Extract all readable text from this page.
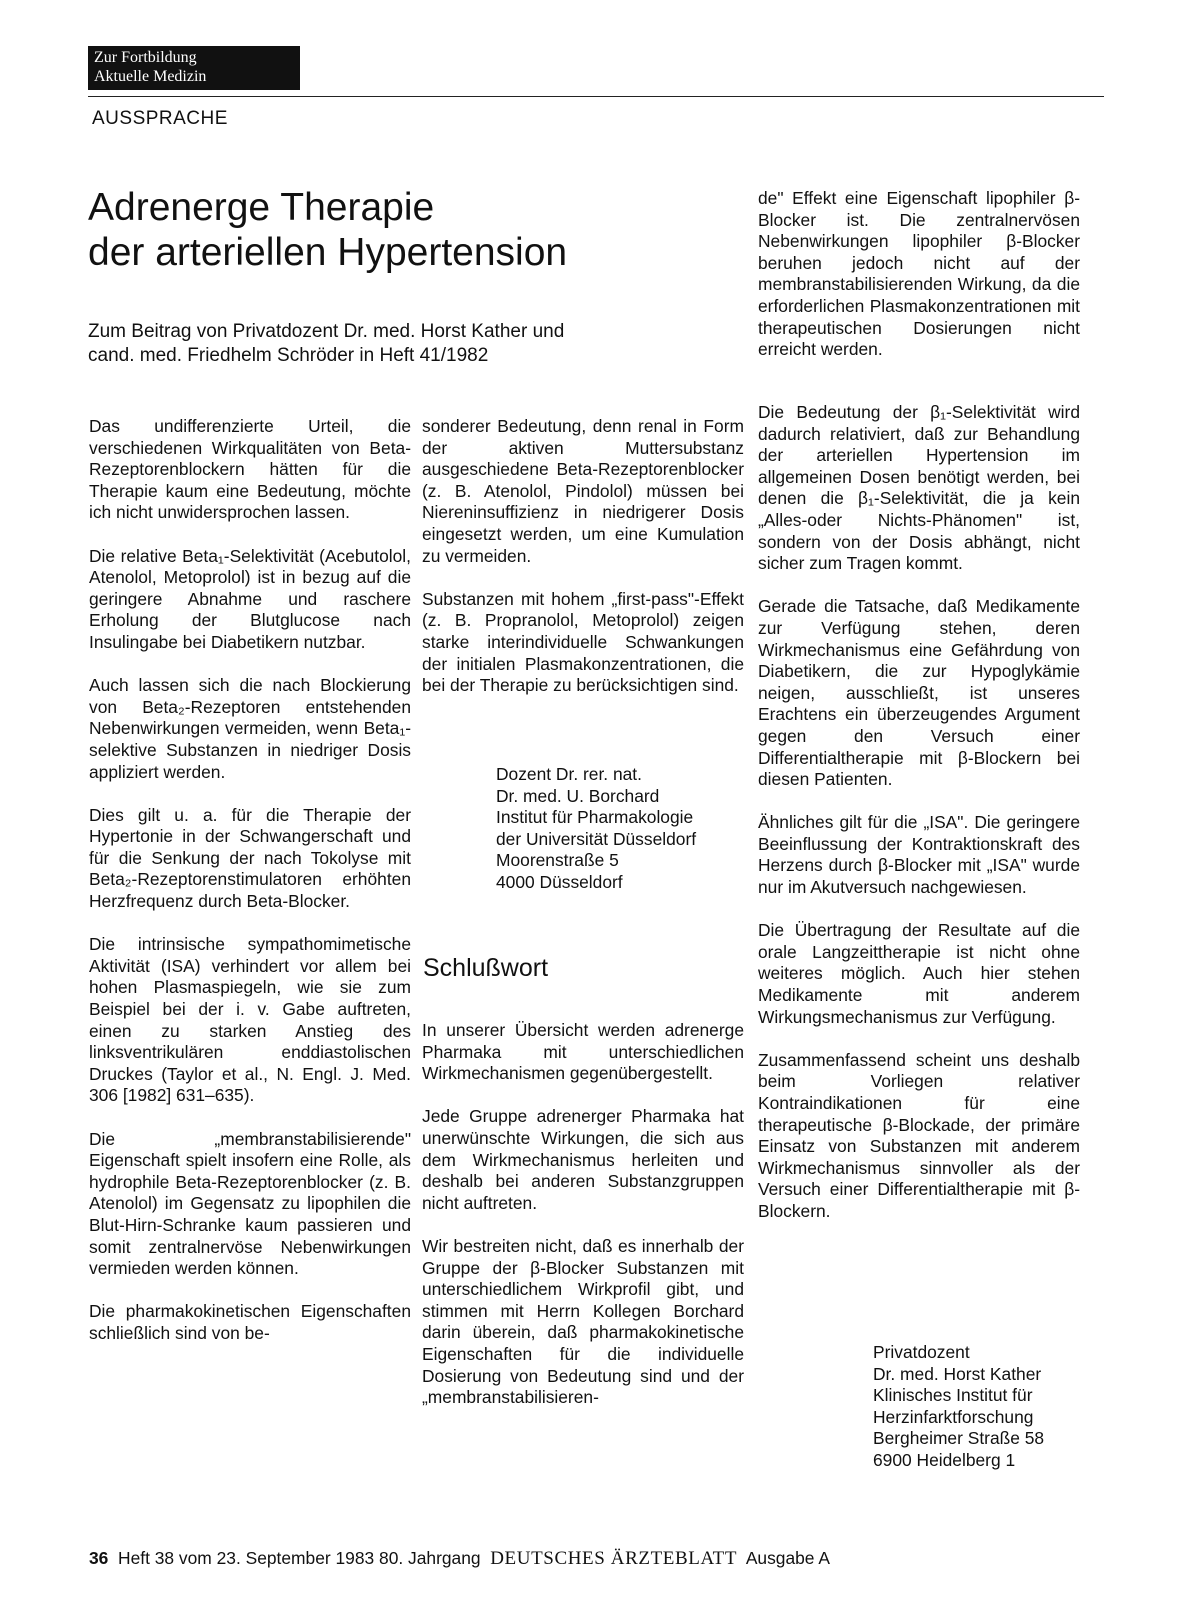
Zur Fortbildung
Aktuelle Medizin
AUSSPRACHE
Adrenerge Therapie
der arteriellen Hypertension
Zum Beitrag von Privatdozent Dr. med. Horst Kather und
cand. med. Friedhelm Schröder in Heft 41/1982

Das undifferenzierte Urteil, die verschiedenen Wirkqualitäten von Beta-Rezeptorenblockern hätten für die Therapie kaum eine Bedeutung, möchte ich nicht unwidersprochen lassen.

Die relative Beta₁-Selektivität (Acebutolol, Atenolol, Metoprolol) ist in bezug auf die geringere Abnahme und raschere Erholung der Blutglucose nach Insulingabe bei Diabetikern nutzbar.

Auch lassen sich die nach Blockierung von Beta₂-Rezeptoren entstehenden Nebenwirkungen vermeiden, wenn Beta₁-selektive Substanzen in niedriger Dosis appliziert werden.

Dies gilt u. a. für die Therapie der Hypertonie in der Schwangerschaft und für die Senkung der nach Tokolyse mit Beta₂-Rezeptorenstimulatoren erhöhten Herzfrequenz durch Beta-Blocker.

Die intrinsische sympathomimetische Aktivität (ISA) verhindert vor allem bei hohen Plasmaspiegeln, wie sie zum Beispiel bei der i. v. Gabe auftreten, einen zu starken Anstieg des linksventrikulären enddiastolischen Druckes (Taylor et al., N. Engl. J. Med. 306 [1982] 631–635).

Die „membranstabilisierende" Eigenschaft spielt insofern eine Rolle, als hydrophile Beta-Rezeptorenblocker (z. B. Atenolol) im Gegensatz zu lipophilen die Blut-Hirn-Schranke kaum passieren und somit zentralnervöse Nebenwirkungen vermieden werden können.

Die pharmakokinetischen Eigenschaften schließlich sind von be-

sonderer Bedeutung, denn renal in Form der aktiven Muttersubstanz ausgeschiedene Beta-Rezeptorenblocker (z. B. Atenolol, Pindolol) müssen bei Niereninsuffizienz in niedrigerer Dosis eingesetzt werden, um eine Kumulation zu vermeiden.

Substanzen mit hohem „first-pass"-Effekt (z. B. Propranolol, Metoprolol) zeigen starke interindividuelle Schwankungen der initialen Plasmakonzentrationen, die bei der Therapie zu berücksichtigen sind.

Dozent Dr. rer. nat.
Dr. med. U. Borchard
Institut für Pharmakologie
der Universität Düsseldorf
Moorenstraße 5
4000 Düsseldorf
Schlußwort

In unserer Übersicht werden adrenerge Pharmaka mit unterschiedlichen Wirkmechanismen gegenübergestellt.

Jede Gruppe adrenerger Pharmaka hat unerwünschte Wirkungen, die sich aus dem Wirkmechanismus herleiten und deshalb bei anderen Substanzgruppen nicht auftreten.

Wir bestreiten nicht, daß es innerhalb der Gruppe der β-Blocker Substanzen mit unterschiedlichem Wirkprofil gibt, und stimmen mit Herrn Kollegen Borchard darin überein, daß pharmakokinetische Eigenschaften für die individuelle Dosierung von Bedeutung sind und der „membranstabilisieren-

de" Effekt eine Eigenschaft lipophiler β-Blocker ist. Die zentralnervösen Nebenwirkungen lipophiler β-Blocker beruhen jedoch nicht auf der membranstabilisierenden Wirkung, da die erforderlichen Plasmakonzentrationen mit therapeutischen Dosierungen nicht erreicht werden.

Die Bedeutung der β₁-Selektivität wird dadurch relativiert, daß zur Behandlung der arteriellen Hypertension im allgemeinen Dosen benötigt werden, bei denen die β₁-Selektivität, die ja kein „Alles-oder Nichts-Phänomen" ist, sondern von der Dosis abhängt, nicht sicher zum Tragen kommt.

Gerade die Tatsache, daß Medikamente zur Verfügung stehen, deren Wirkmechanismus eine Gefährdung von Diabetikern, die zur Hypoglykämie neigen, ausschließt, ist unseres Erachtens ein überzeugendes Argument gegen den Versuch einer Differentialtherapie mit β-Blockern bei diesen Patienten.

Ähnliches gilt für die „ISA". Die geringere Beeinflussung der Kontraktionskraft des Herzens durch β-Blocker mit „ISA" wurde nur im Akutversuch nachgewiesen.

Die Übertragung der Resultate auf die orale Langzeittherapie ist nicht ohne weiteres möglich. Auch hier stehen Medikamente mit anderem Wirkungsmechanismus zur Verfügung.

Zusammenfassend scheint uns deshalb beim Vorliegen relativer Kontraindikationen für eine therapeutische β-Blockade, der primäre Einsatz von Substanzen mit anderem Wirkmechanismus sinnvoller als der Versuch einer Differentialtherapie mit β-Blockern.

Privatdozent
Dr. med. Horst Kather
Klinisches Institut für
Herzinfarktforschung
Bergheimer Straße 58
6900 Heidelberg 1
36 Heft 38 vom 23. September 1983 80. Jahrgang DEUTSCHES ÄRZTEBLATT Ausgabe A
